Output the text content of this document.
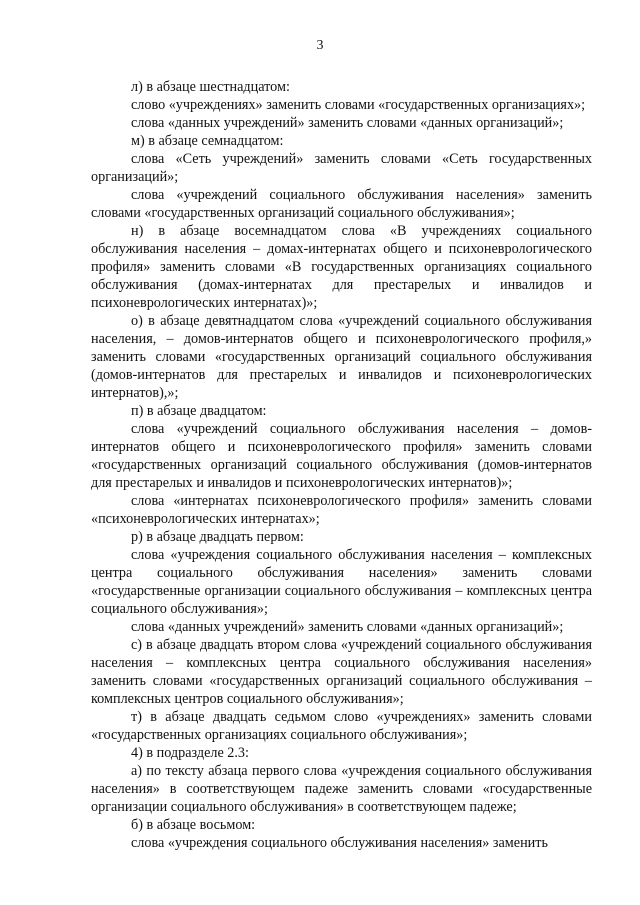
3

л) в абзаце шестнадцатом:

слово «учреждениях» заменить словами «государственных организациях»;

слова «данных учреждений» заменить словами «данных организаций»;

м) в абзаце семнадцатом:

слова «Сеть учреждений» заменить словами «Сеть государственных организаций»;

слова «учреждений социального обслуживания населения» заменить словами «государственных организаций социального обслуживания»;

н) в абзаце восемнадцатом слова «В учреждениях социального обслуживания населения – домах-интернатах общего и психоневрологического профиля» заменить словами «В государственных организациях социального обслуживания (домах-интернатах для престарелых и инвалидов и психоневрологических интернатах)»;

о) в абзаце девятнадцатом слова «учреждений социального обслуживания населения, – домов-интернатов общего и психоневрологического профиля,» заменить словами «государственных организаций социального обслуживания (домов-интернатов для престарелых и инвалидов и психоневрологических интернатов),»;

п) в абзаце двадцатом:

слова «учреждений социального обслуживания населения – домов-интернатов общего и психоневрологического профиля» заменить словами «государственных организаций социального обслуживания (домов-интернатов для престарелых и инвалидов и психоневрологических интернатов)»;

слова «интернатах психоневрологического профиля» заменить словами «психоневрологических интернатах»;

р) в абзаце двадцать первом:

слова «учреждения социального обслуживания населения – комплексных центра социального обслуживания населения» заменить словами «государственные организации социального обслуживания – комплексных центра социального обслуживания»;

слова «данных учреждений» заменить словами «данных организаций»;

с) в абзаце двадцать втором слова «учреждений социального обслуживания населения – комплексных центра социального обслуживания населения» заменить словами «государственных организаций социального обслуживания – комплексных центров социального обслуживания»;

т) в абзаце двадцать седьмом слово «учреждениях» заменить словами «государственных организациях социального обслуживания»;

4) в подразделе 2.3:

а) по тексту абзаца первого слова «учреждения социального обслуживания населения» в соответствующем падеже заменить словами «государственные организации социального обслуживания» в соответствующем падеже;

б) в абзаце восьмом:

слова «учреждения социального обслуживания населения» заменить
